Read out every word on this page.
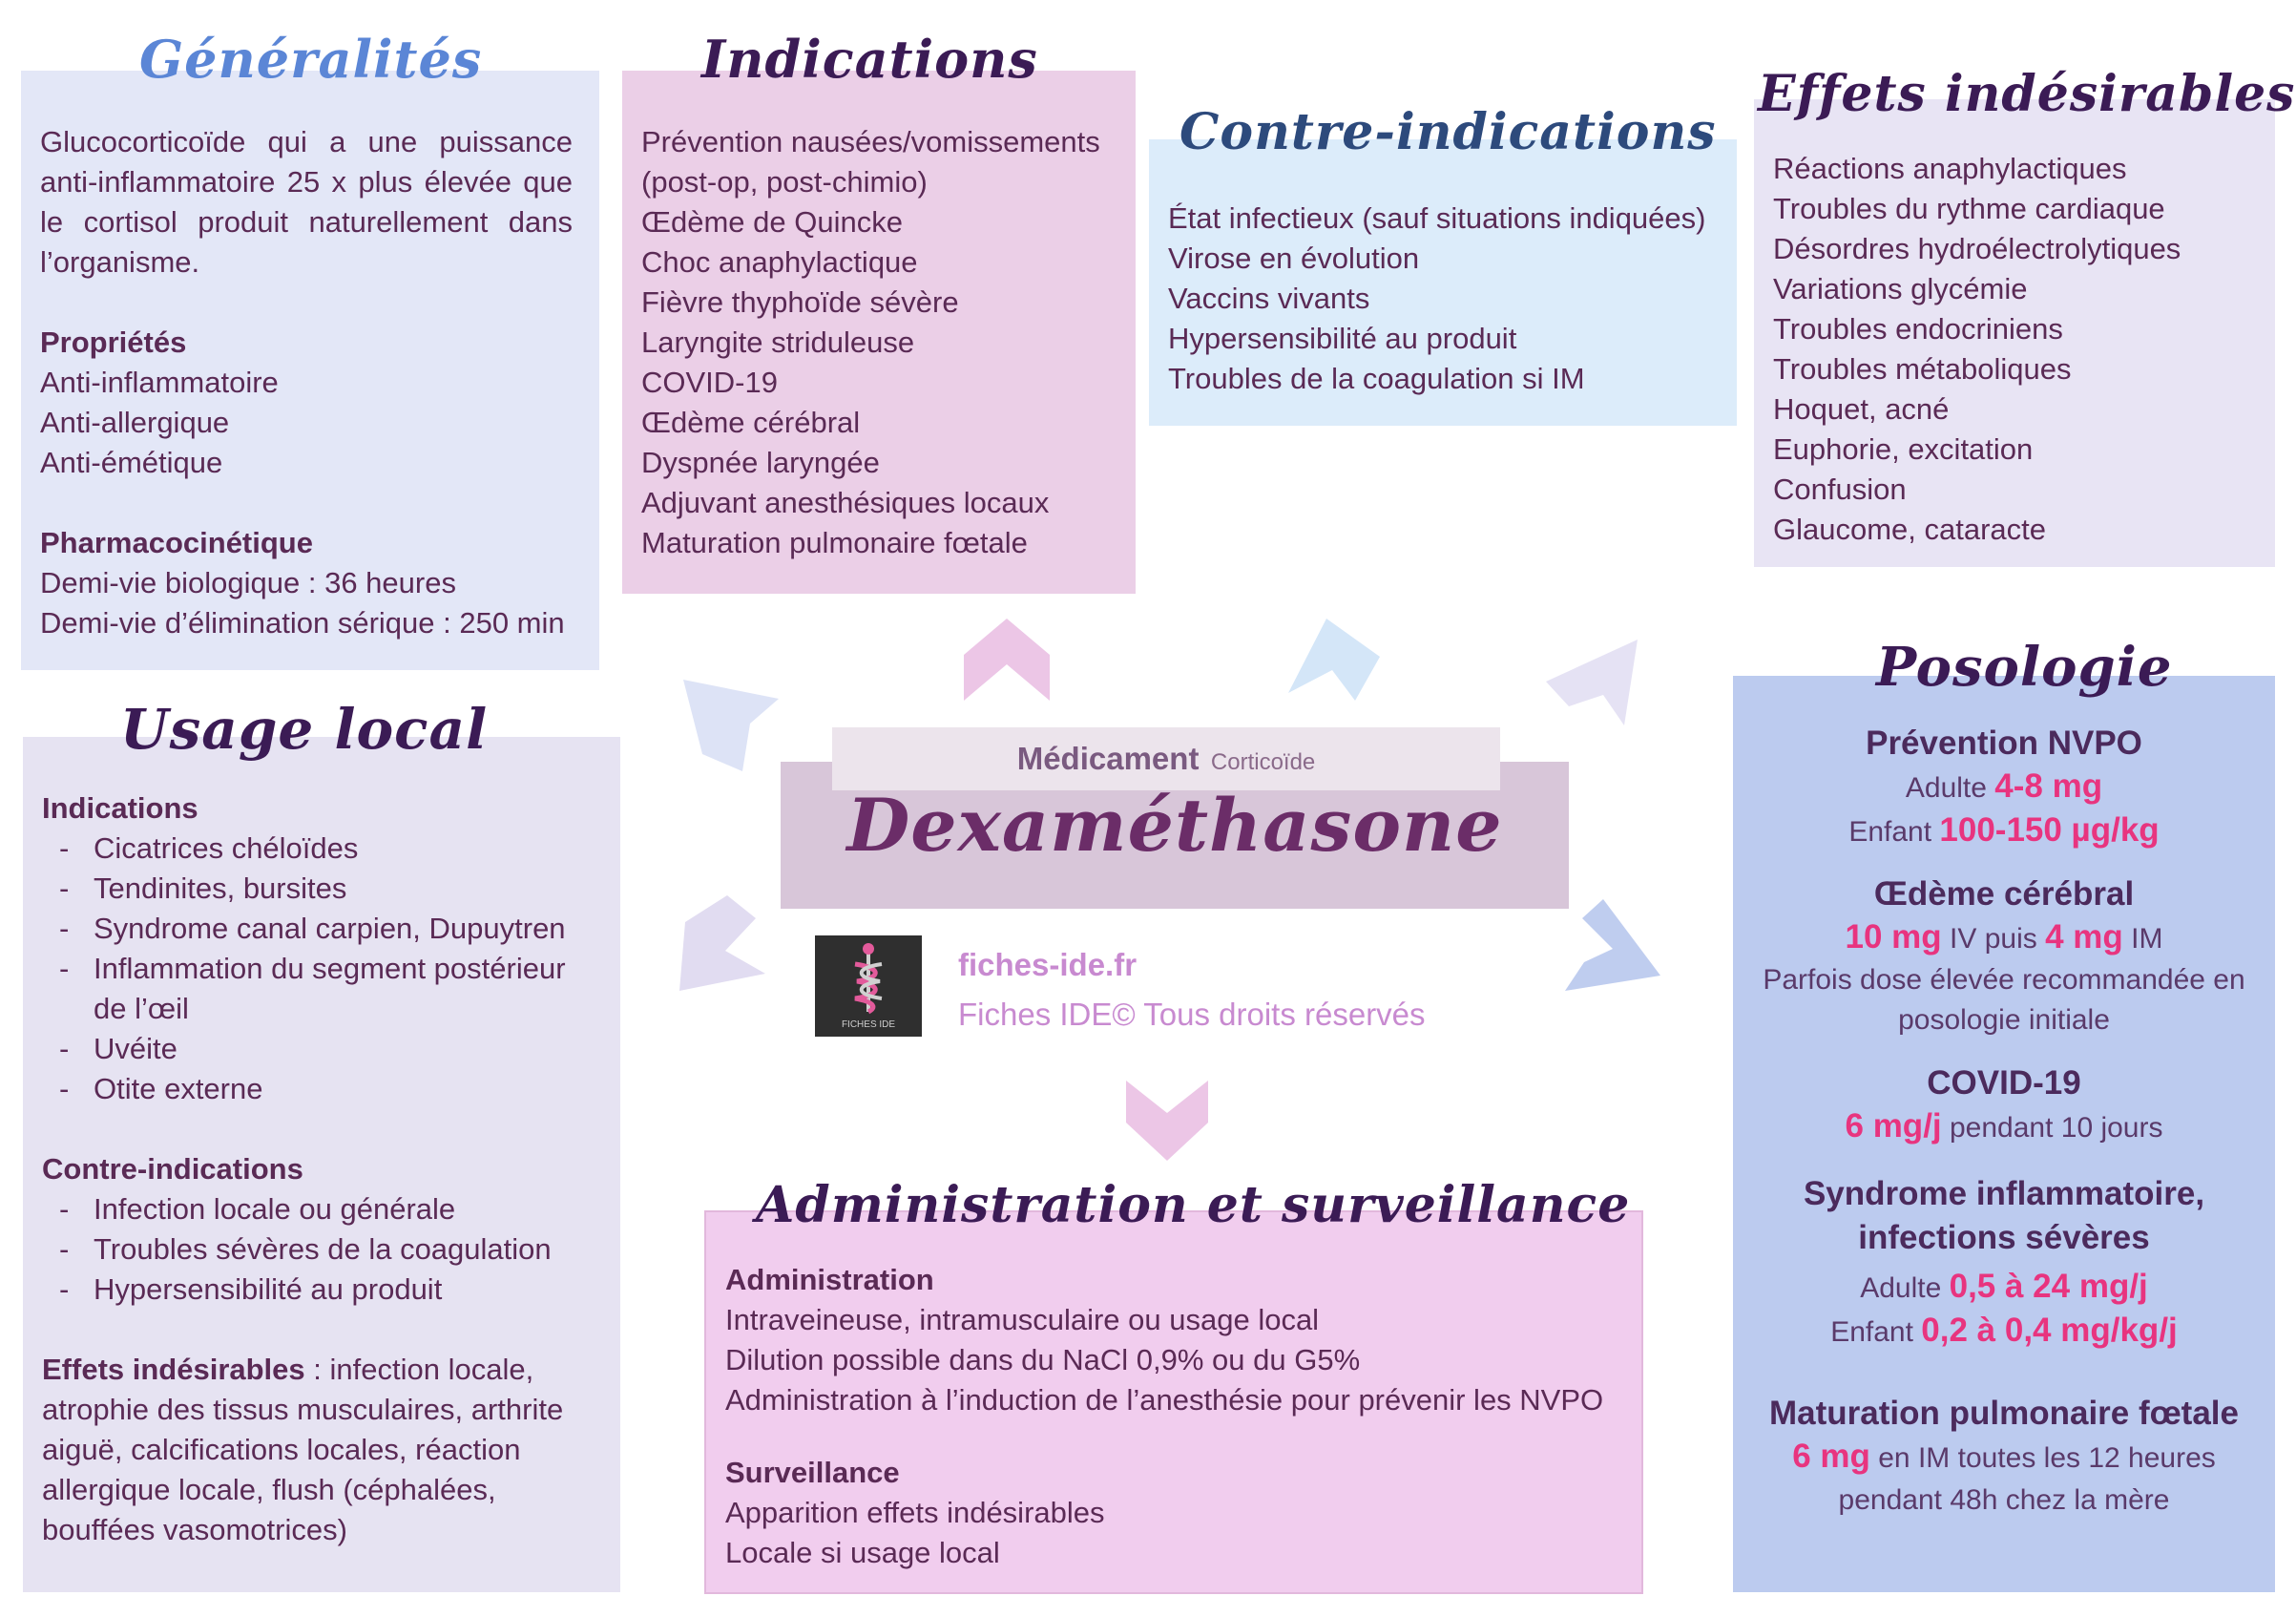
Glucocorticoïde qui a une puissance anti-inflammatoire 25 x plus élevée que le cortisol produit naturellement dans l’organisme.
Propriétés
Anti-inflammatoire
Anti-allergique
Anti-émétique
Pharmacocinétique
Demi-vie biologique : 36 heures
Demi-vie d’élimination sérique : 250 min
Généralités
Prévention nausées/vomissements
(post-op, post-chimio)
Œdème de Quincke
Choc anaphylactique
Fièvre thyphoïde sévère
Laryngite striduleuse
COVID-19
Œdème cérébral
Dyspnée laryngée
Adjuvant anesthésiques locaux
Maturation pulmonaire fœtale
Indications
État infectieux (sauf situations indiquées)
Virose en évolution
Vaccins vivants
Hypersensibilité au produit
Troubles de la coagulation si IM
Contre-indications
Réactions anaphylactiques
Troubles du rythme cardiaque
Désordres hydroélectrolytiques
Variations glycémie
Troubles endocriniens
Troubles métaboliques
Hoquet, acné
Euphorie, excitation
Confusion
Glaucome, cataracte
Effets indésirables
Médicament Corticoïde
Dexaméthasone
FICHES IDE
fiches-ide.fr
Fiches IDE© Tous droits réservés
Indications
- Cicatrices chéloïdes
- Tendinites, bursites
- Syndrome canal carpien, Dupuytren
- Inflammation du segment postérieur de l’œil
- Uvéite
- Otite externe
Contre-indications
- Infection locale ou générale
- Troubles sévères de la coagulation
- Hypersensibilité au produit
Effets indésirables : infection locale, atrophie des tissus musculaires, arthrite aiguë, calcifications locales, réaction allergique locale, flush (céphalées, bouffées vasomotrices)
Usage local
Administration
Intraveineuse, intramusculaire ou usage local
Dilution possible dans du NaCl 0,9% ou du G5%
Administration à l’induction de l’anesthésie pour prévenir les NVPO
Surveillance
Apparition effets indésirables
Locale si usage local
Administration et surveillance
Prévention NVPO
Adulte 4-8 mg
Enfant 100-150 µg/kg
Œdème cérébral
10 mg IV puis 4 mg IM
Parfois dose élevée recommandée en posologie initiale
COVID-19
6 mg/j pendant 10 jours
Syndrome inflammatoire, infections sévères
Adulte 0,5 à 24 mg/j
Enfant 0,2 à 0,4 mg/kg/j
Maturation pulmonaire fœtale
6 mg en IM toutes les 12 heures pendant 48h chez la mère
Posologie
